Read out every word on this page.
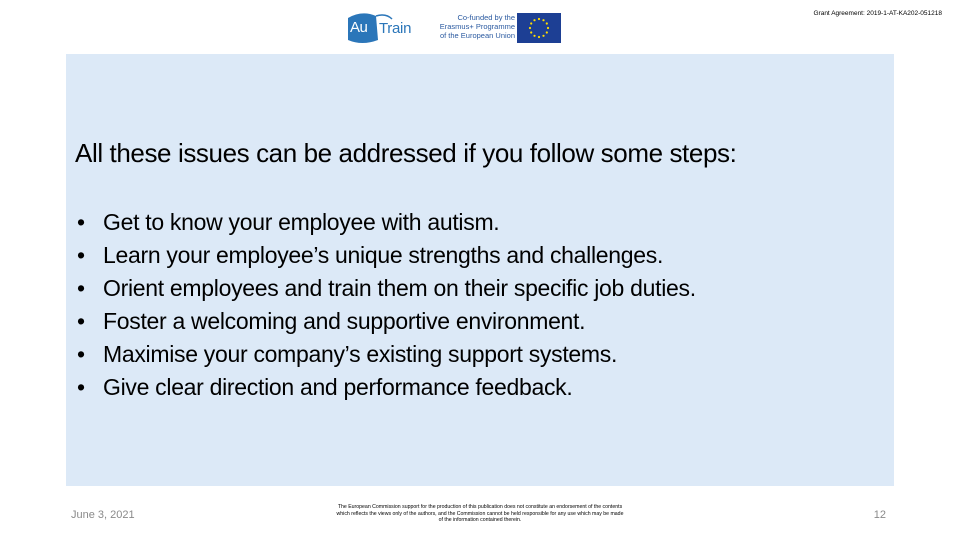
Au Train
Co-funded by the
Erasmus+ Programme
of the European Union
Grant Agreement: 2019-1-AT-KA202-051218
All these issues can be addressed if you follow some steps:
• Get to know your employee with autism.
• Learn your employee’s unique strengths and challenges.
• Orient employees and train them on their specific job duties.
• Foster a welcoming and supportive environment.
• Maximise your company’s existing support systems.
• Give clear direction and performance feedback.
June 3, 2021
The European Commission support for the production of this publication does not constitute an endorsement of the contents
which reflects the views only of the authors, and the Commission cannot be held responsible for any use which may be made
of the information contained therein.	12
